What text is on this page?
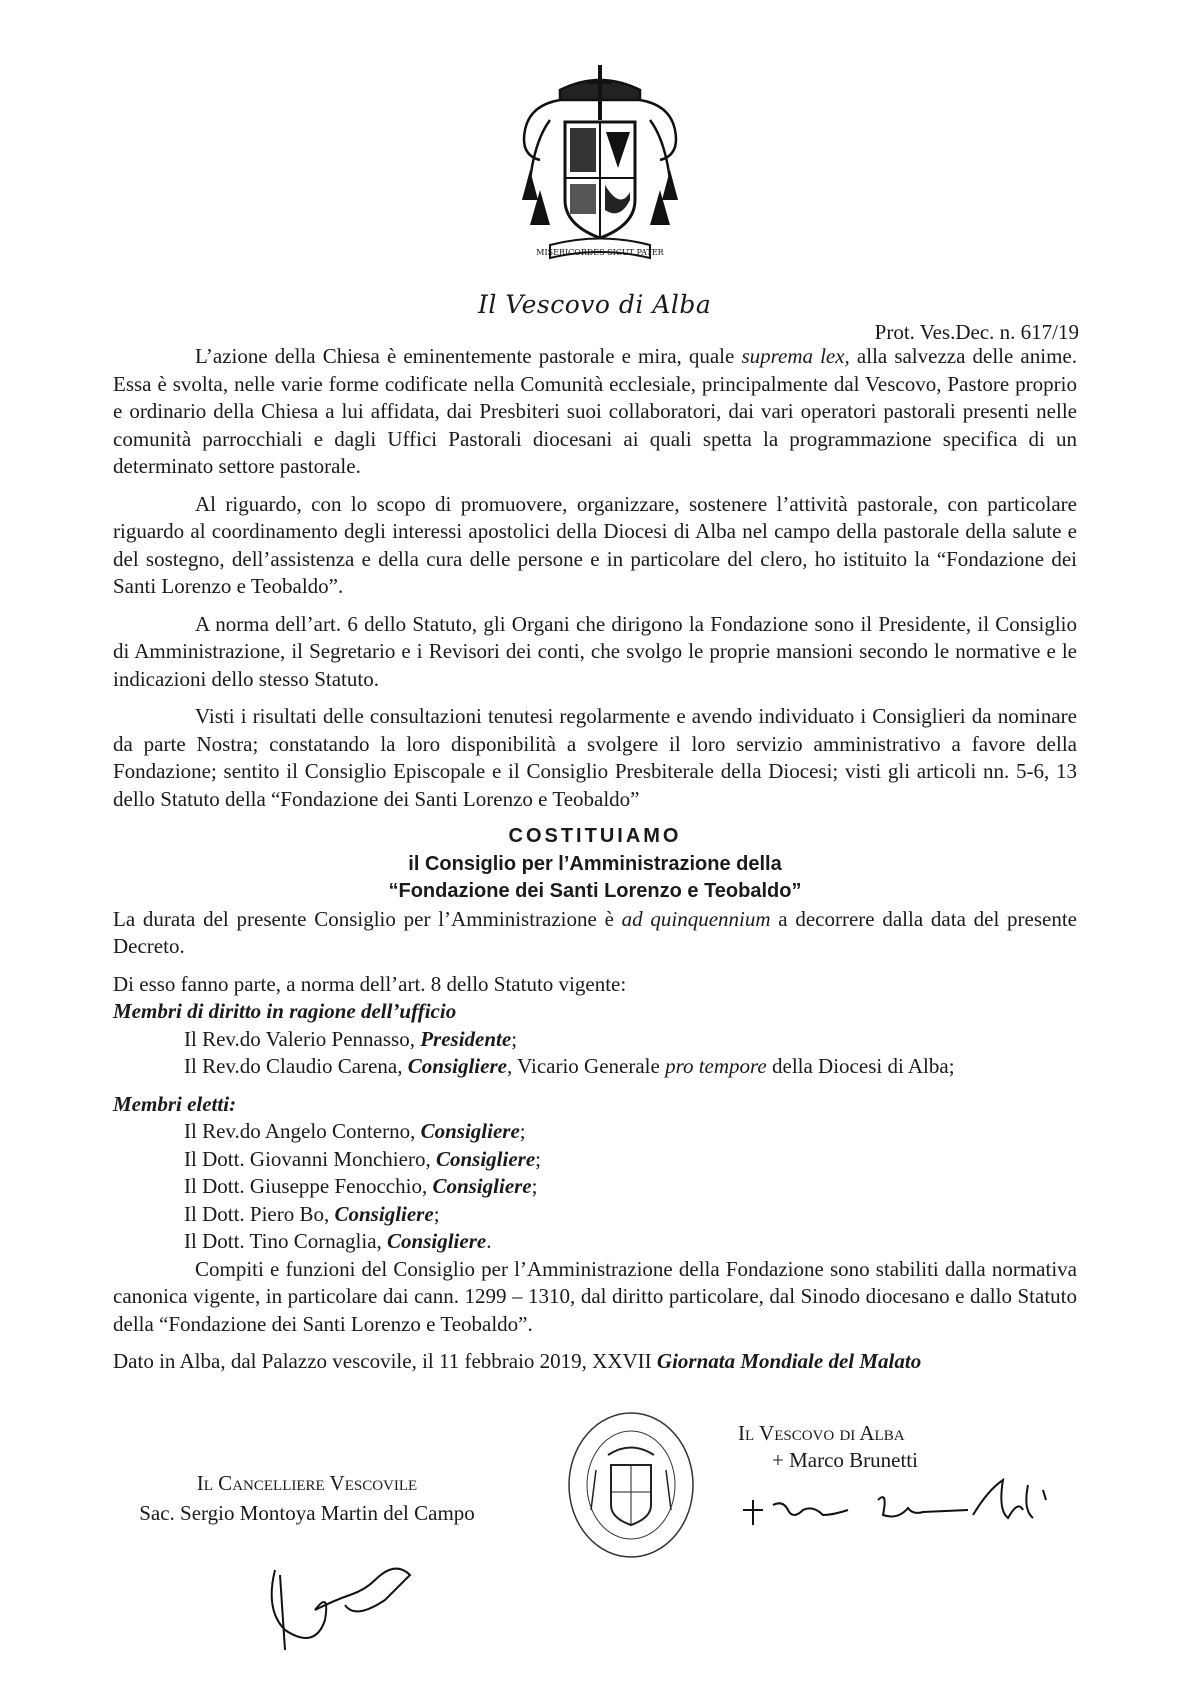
MISERICORDES SICUT PATER
Il Vescovo di Alba
Prot. Ves.Dec. n. 617/19

L’azione della Chiesa è eminentemente pastorale e mira, quale suprema lex, alla salvezza delle anime. Essa è svolta, nelle varie forme codificate nella Comunità ecclesiale, principalmente dal Vescovo, Pastore proprio e ordinario della Chiesa a lui affidata, dai Presbiteri suoi collaboratori, dai vari operatori pastorali presenti nelle comunità parrocchiali e dagli Uffici Pastorali diocesani ai quali spetta la programmazione specifica di un determinato settore pastorale.

Al riguardo, con lo scopo di promuovere, organizzare, sostenere l’attività pastorale, con particolare riguardo al coordinamento degli interessi apostolici della Diocesi di Alba nel campo della pastorale della salute e del sostegno, dell’assistenza e della cura delle persone e in particolare del clero, ho istituito la “Fondazione dei Santi Lorenzo e Teobaldo”.

A norma dell’art. 6 dello Statuto, gli Organi che dirigono la Fondazione sono il Presidente, il Consiglio di Amministrazione, il Segretario e i Revisori dei conti, che svolgo le proprie mansioni secondo le normative e le indicazioni dello stesso Statuto.

Visti i risultati delle consultazioni tenutesi regolarmente e avendo individuato i Consiglieri da nominare da parte Nostra; constatando la loro disponibilità a svolgere il loro servizio amministrativo a favore della Fondazione; sentito il Consiglio Episcopale e il Consiglio Presbiterale della Diocesi; visti gli articoli nn. 5-6, 13 dello Statuto della “Fondazione dei Santi Lorenzo e Teobaldo”

COSTITUIAMO

il Consiglio per l’Amministrazione della

“Fondazione dei Santi Lorenzo e Teobaldo”

La durata del presente Consiglio per l’Amministrazione è ad quinquennium a decorrere dalla data del presente Decreto.

Di esso fanno parte, a norma dell’art. 8 dello Statuto vigente:

Membri di diritto in ragione dell’ufficio

Il Rev.do Valerio Pennasso, Presidente;

Il Rev.do Claudio Carena, Consigliere, Vicario Generale pro tempore della Diocesi di Alba;

Membri eletti:

Il Rev.do Angelo Conterno, Consigliere;

Il Dott. Giovanni Monchiero, Consigliere;

Il Dott. Giuseppe Fenocchio, Consigliere;

Il Dott. Piero Bo, Consigliere;

Il Dott. Tino Cornaglia, Consigliere.

Compiti e funzioni del Consiglio per l’Amministrazione della Fondazione sono stabiliti dalla normativa canonica vigente, in particolare dai cann. 1299 – 1310, dal diritto particolare, dal Sinodo diocesano e dallo Statuto della “Fondazione dei Santi Lorenzo e Teobaldo”.

Dato in Alba, dal Palazzo vescovile, il 11 febbraio 2019, XXVII Giornata Mondiale del Malato

Il Cancelliere Vescovile
Sac. Sergio Montoya Martin del Campo
Il Vescovo di Alba
+ Marco Brunetti
